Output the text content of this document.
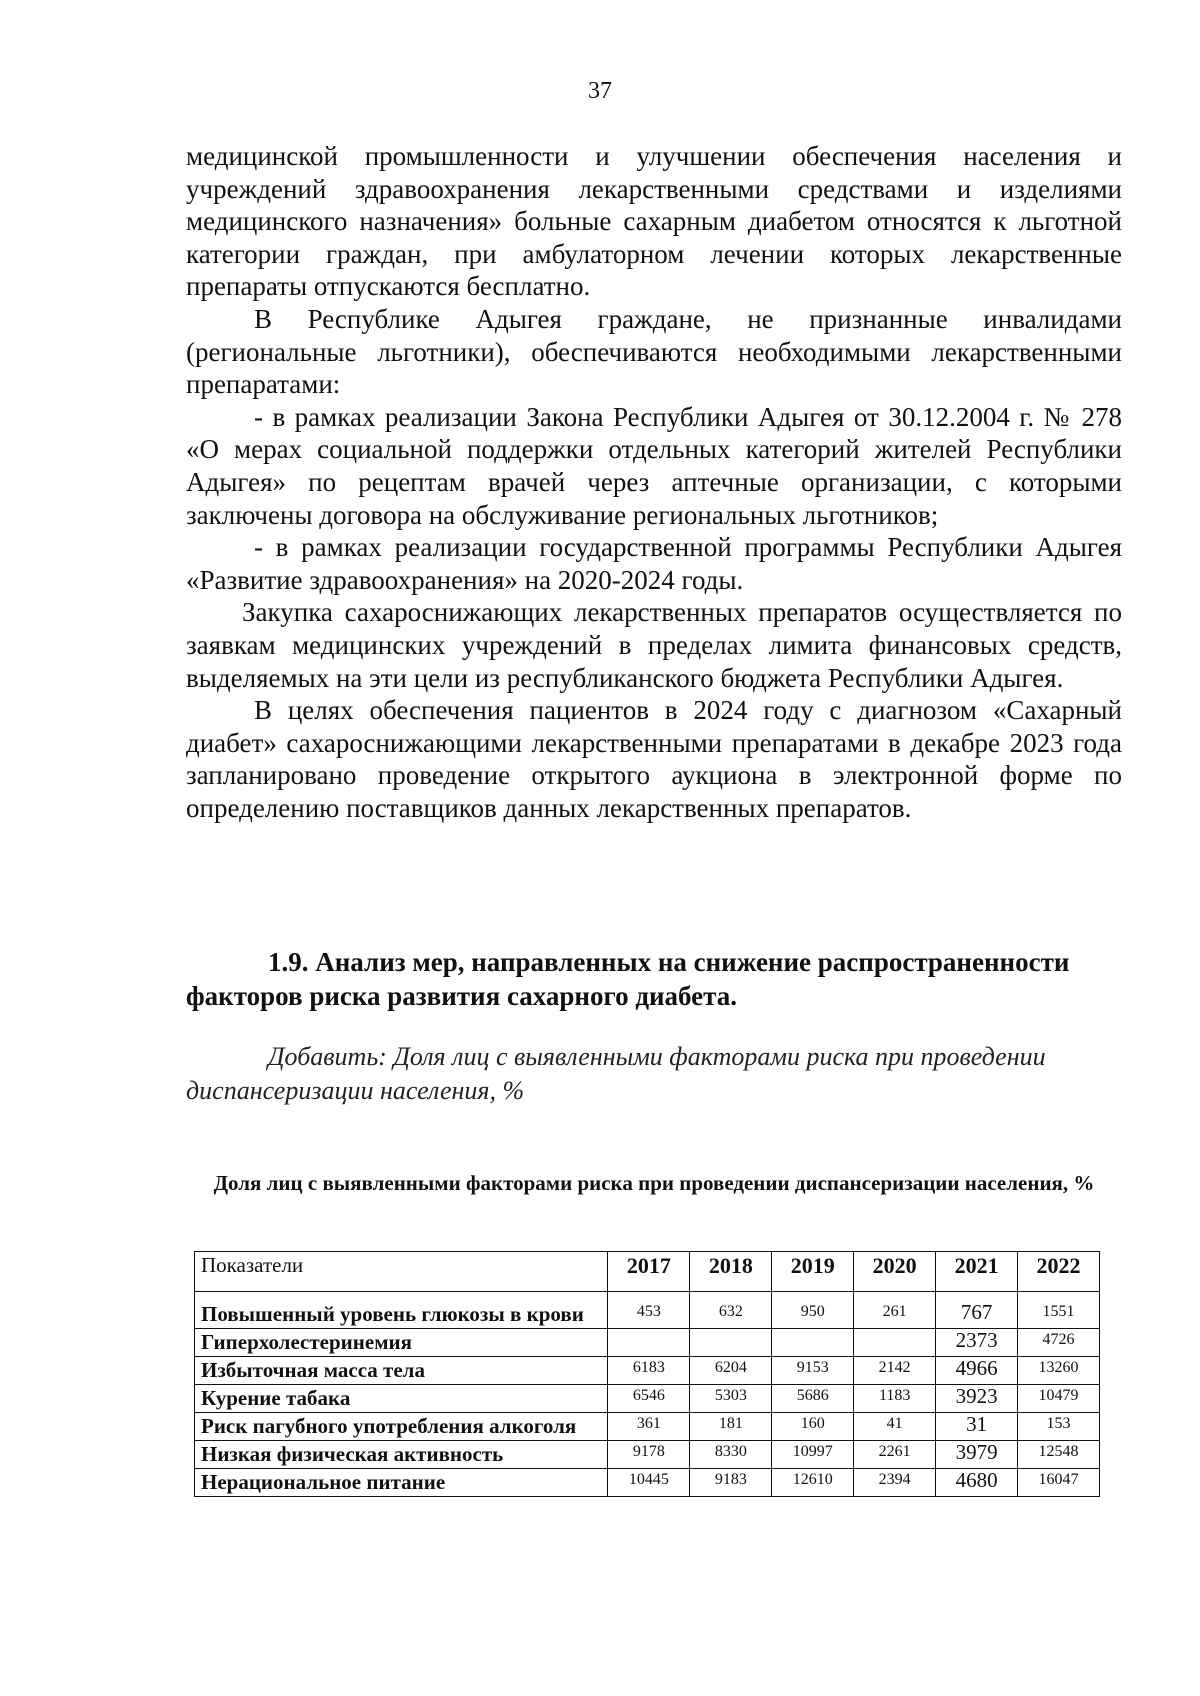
37

медицинской промышленности и улучшении обеспечения населения и учреждений здравоохранения лекарственными средствами и изделиями медицинского назначения» больные сахарным диабетом относятся к льготной категории граждан, при амбулаторном лечении которых лекарственные препараты отпускаются бесплатно.

В Республике Адыгея граждане, не признанные инвалидами (региональные льготники), обеспечиваются необходимыми лекарственными препаратами:

- в рамках реализации Закона Республики Адыгея от 30.12.2004 г. № 278 «О мерах социальной поддержки отдельных категорий жителей Республики Адыгея» по рецептам врачей через аптечные организации, с которыми заключены договора на обслуживание региональных льготников;

- в рамках реализации государственной программы Республики Адыгея «Развитие здравоохранения» на 2020-2024 годы.

Закупка сахароснижающих лекарственных препаратов осуществляется по заявкам медицинских учреждений в пределах лимита финансовых средств, выделяемых на эти цели из республиканского бюджета Республики Адыгея.

В целях обеспечения пациентов в 2024 году с диагнозом «Сахарный диабет» сахароснижающими лекарственными препаратами в декабре 2023 года запланировано проведение открытого аукциона в электронной форме по определению поставщиков данных лекарственных препаратов.

1.9. Анализ мер, направленных на снижение распространенности факторов риска развития сахарного диабета.

Добавить: Доля лиц с выявленными факторами риска при проведении диспансеризации населения, %

Доля лиц с выявленными факторами риска при проведении диспансеризации населения, %

Показатели	2017	2018	2019	2020	2021	2022
Повышенный уровень глюкозы в крови	453	632	950	261	767	1551
Гиперхолестеринемия					2373	4726
Избыточная масса тела	6183	6204	9153	2142	4966	13260
Курение табака	6546	5303	5686	1183	3923	10479
Риск пагубного употребления алкоголя	361	181	160	41	31	153
Низкая физическая активность	9178	8330	10997	2261	3979	12548
Нерациональное питание	10445	9183	12610	2394	4680	16047
